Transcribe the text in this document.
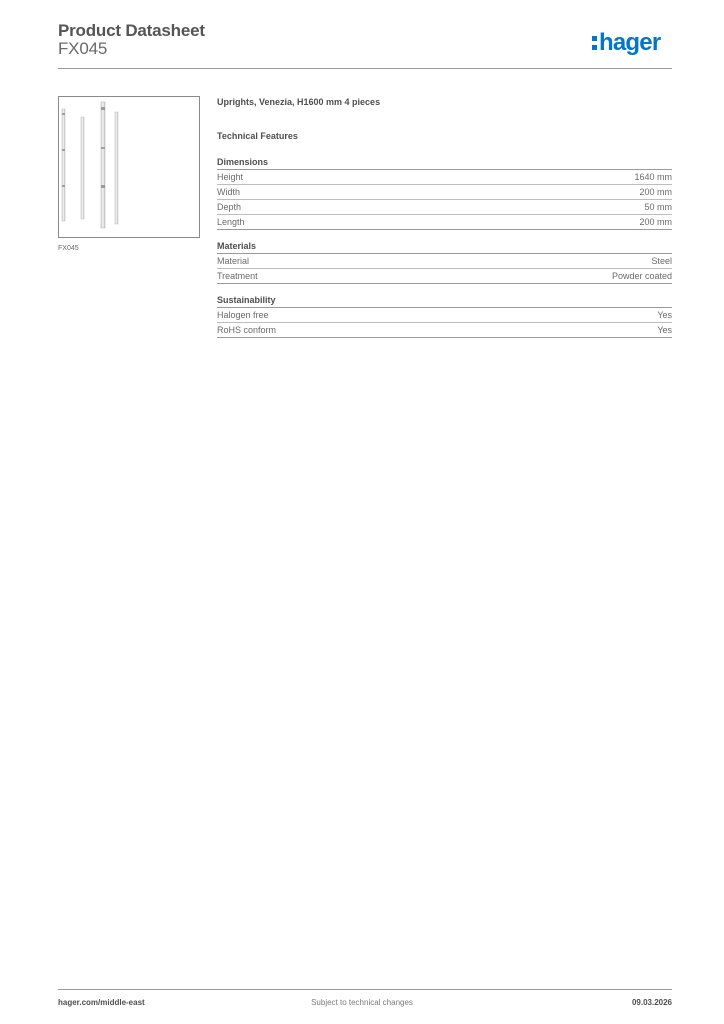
Product Datasheet
FX045	hager
FX045
Uprights, Venezia, H1600 mm 4 pieces
Technical Features
Dimensions
Height	1640 mm
Width	200 mm
Depth	50 mm
Length	200 mm
Materials
Material	Steel
Treatment	Powder coated
Sustainability
Halogen free	Yes
RoHS conform	Yes
hager.com/middle-east	Subject to technical changes	09.03.2026
